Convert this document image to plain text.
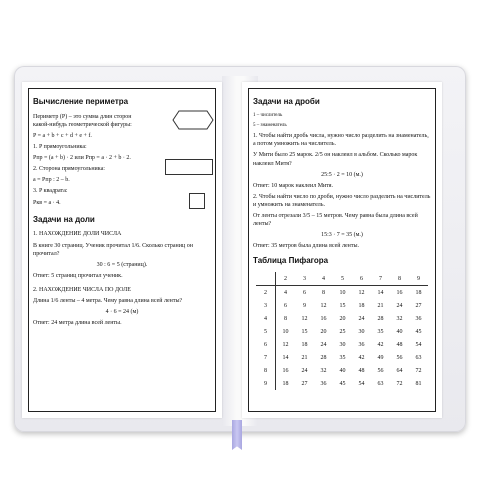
Вычисление периметра

Периметр (P) – это сумма длин сторон какой-нибудь геометрической фигуры:

P = a + b + c + d + e + f.

1. P прямоугольника:

Pпр = (a + b) · 2 или Pпр = a · 2 + b · 2.

2. Сторона прямоугольника:

a = Pпр : 2 – b.

3. P квадрата:

Pкв = a · 4.

Задачи на доли

1. НАХОЖДЕНИЕ ДОЛИ ЧИСЛА

В книге 30 страниц. Ученик прочитал 1/6. Сколько страниц он прочитал?

30 : 6 = 5 (страниц).

Ответ: 5 страниц прочитал ученик.

2. НАХОЖДЕНИЕ ЧИСЛА ПО ДОЛЕ

Длина 1/6 ленты – 4 метра. Чему равна длина всей ленты?

4 · 6 = 24 (м)

Ответ: 24 метра длина всей ленты.

Задачи на дроби

1 – числитель

5 – знаменатель

1. Чтобы найти дробь числа, нужно число разделить на знаменатель, а потом умножить на числитель.

У Мити было 25 марок. 2/5 он наклеил в альбом. Сколько марок наклеил Митя?

25:5 · 2 = 10 (м.)

Ответ: 10 марок наклеил Митя.

2. Чтобы найти число по дроби, нужно число разделить на числитель и умножить на знаменатель.

От ленты отрезали 3/5 – 15 метров. Чему равна была длина всей ленты?

15:3 · 7 = 35 (м.)

Ответ: 35 метров была длина всей ленты.

Таблица Пифагора
	2	3	4	5	6	7	8	9
2	4	6	8	10	12	14	16	18
3	6	9	12	15	18	21	24	27
4	8	12	16	20	24	28	32	36
5	10	15	20	25	30	35	40	45
6	12	18	24	30	36	42	48	54
7	14	21	28	35	42	49	56	63
8	16	24	32	40	48	56	64	72
9	18	27	36	45	54	63	72	81
